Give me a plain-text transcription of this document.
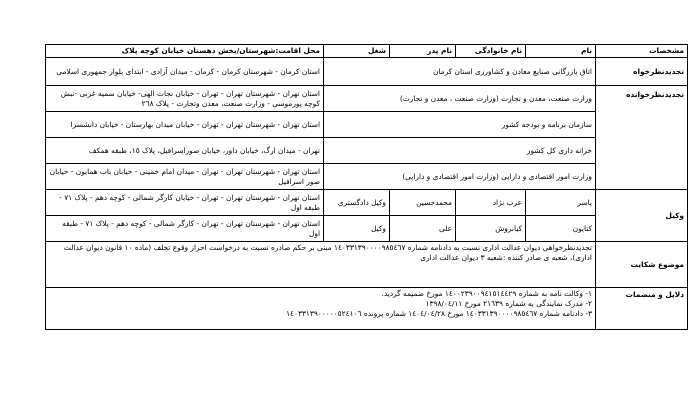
مشخصات	نام	نام خانوادگی	نام پدر	شغل	محل اقامت:شهرستان/بخش دهستان خیابان کوچه پلاک
تجدیدنظرخواه	اتاق بازرگانی صنایع معادن و کشاورزی استان کرمان				استان کرمان - شهرستان کرمان - کرمان - میدان آزادی - ابتدای بلوار جمهوری اسلامی
تجدیدنظرخوانده	وزارت صنعت، معدن و تجارت (وزارت صنعت ، معدن و تجارت)				استان تهران - شهرستان تهران - تهران - خیابان نجات الهی- خیابان سمیه غربی -نبش کوچه پورموسی - وزارت صنعت، معدن وتجارت - پلاک ٢٦٨
	سازمان برنامه و بودجه کشور				استان تهران - شهرستان تهران - تهران - خیابان میدان بهارستان - خیابان دانشسرا
	خزانه داری کل کشور				تهران - میدان ارگ، خیابان داور، خیابان صوراسرافیل، پلاک ١٥، طبقه همکف
	وزارت امور اقتصادی و دارایی (وزارت امور اقتصادی و دارایی)				استان تهران - شهرستان تهران - تهران - میدان امام خمینی - خیابان باب همایون - خیابان صور اسرافیل
وکیل	یاسر	عرب نژاد	محمدحسین	وکیل دادگستری	استان تهران - شهرستان تهران - تهران - خیابان کارگر شمالی - کوچه دهم - پلاک ٧١ - طبقه اول
	کتایون	کیانروش	علی	وکیل	استان تهران - شهرستان تهران - تهران - کارگر شمالی - کوچه دهم - پلاک ٧١ - طبقه اول
موضوع شکایت	تجدیدنظرخواهی دیوان عدالت اداری نسبت به دادنامه شماره ١٤٠٣٣١٣٩٠٠٠٠٩٨٥٤٦٧ مبنی بر حکم صادره نسبت به درخواست احراز وقوع تخلف (ماده ١٠ قانون دیوان عدالت اداری)، شعبه ی صادر کننده :شعبه ٣ دیوان عدالت اداری				
دلایل و منضمات	١- وکالت نامه به شماره ١٤٠٠٢٣٩٠٠٩٤١٥١٤٤٢٩ مورخ ضمیمه گردید.
٢- مدرک نمایندگی به شماره ٢١٦٣٩ مورخ ١٣٩٨/٠٤/١١
٣- دادنامه شماره ١٤٠٣٣١٣٩٠٠٠٠٩٨٥٤٦٧ مورخ ١٤٠٤/٠٤/٢٨ شماره پرونده ١٤٠٣٣١٣٩٠٠٠٠٠٥٢٤١٠٦				
